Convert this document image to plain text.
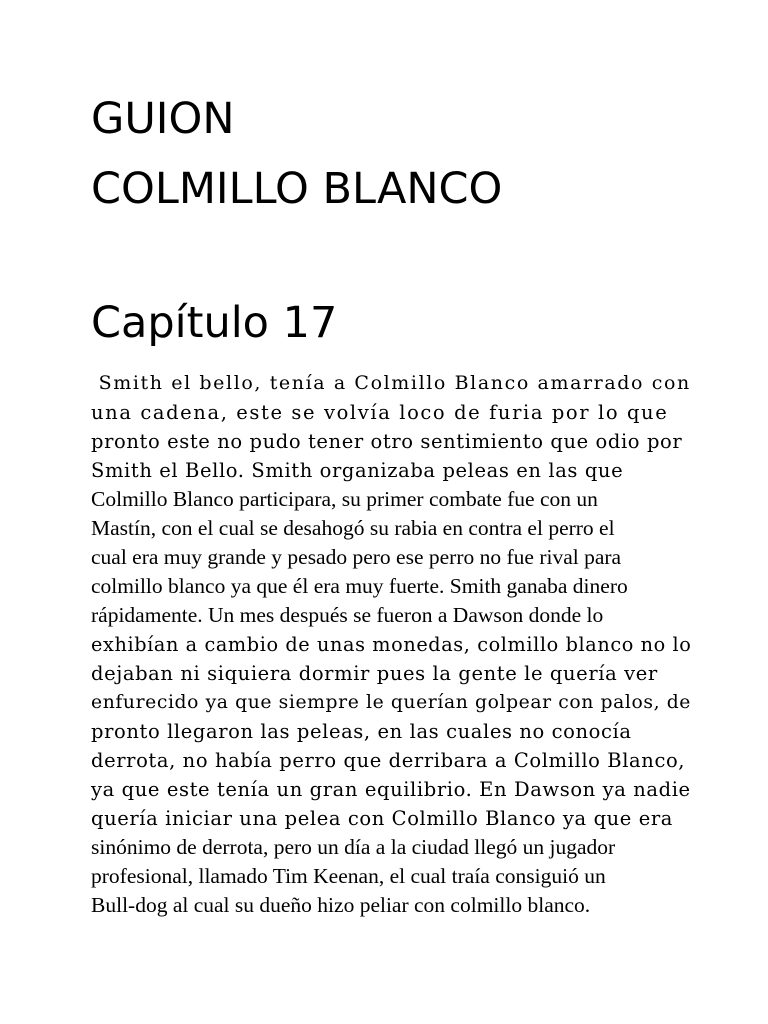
GUION
COLMILLO BLANCO
Capítulo 17
Smith el bello, tenía a Colmillo Blanco amarrado con
una cadena, este se volvía loco de furia por lo que
pronto este no pudo tener otro sentimiento que odio por
Smith el Bello. Smith organizaba peleas en las que
Colmillo Blanco participara, su primer combate fue con un
Mastín, con el cual se desahogó su rabia en contra el perro el
cual era muy grande y pesado pero ese perro no fue rival para
colmillo blanco ya que él era muy fuerte. Smith ganaba dinero
rápidamente. Un mes después se fueron a Dawson donde lo
exhibían a cambio de unas monedas, colmillo blanco no lo
dejaban ni siquiera dormir pues la gente le quería ver
enfurecido ya que siempre le querían golpear con palos, de
pronto llegaron las peleas, en las cuales no conocía
derrota, no había perro que derribara a Colmillo Blanco,
ya que este tenía un gran equilibrio. En Dawson ya nadie
quería iniciar una pelea con Colmillo Blanco ya que era
sinónimo de derrota, pero un día a la ciudad llegó un jugador
profesional, llamado Tim Keenan, el cual traía consiguió un
Bull-dog al cual su dueño hizo peliar con colmillo blanco.
